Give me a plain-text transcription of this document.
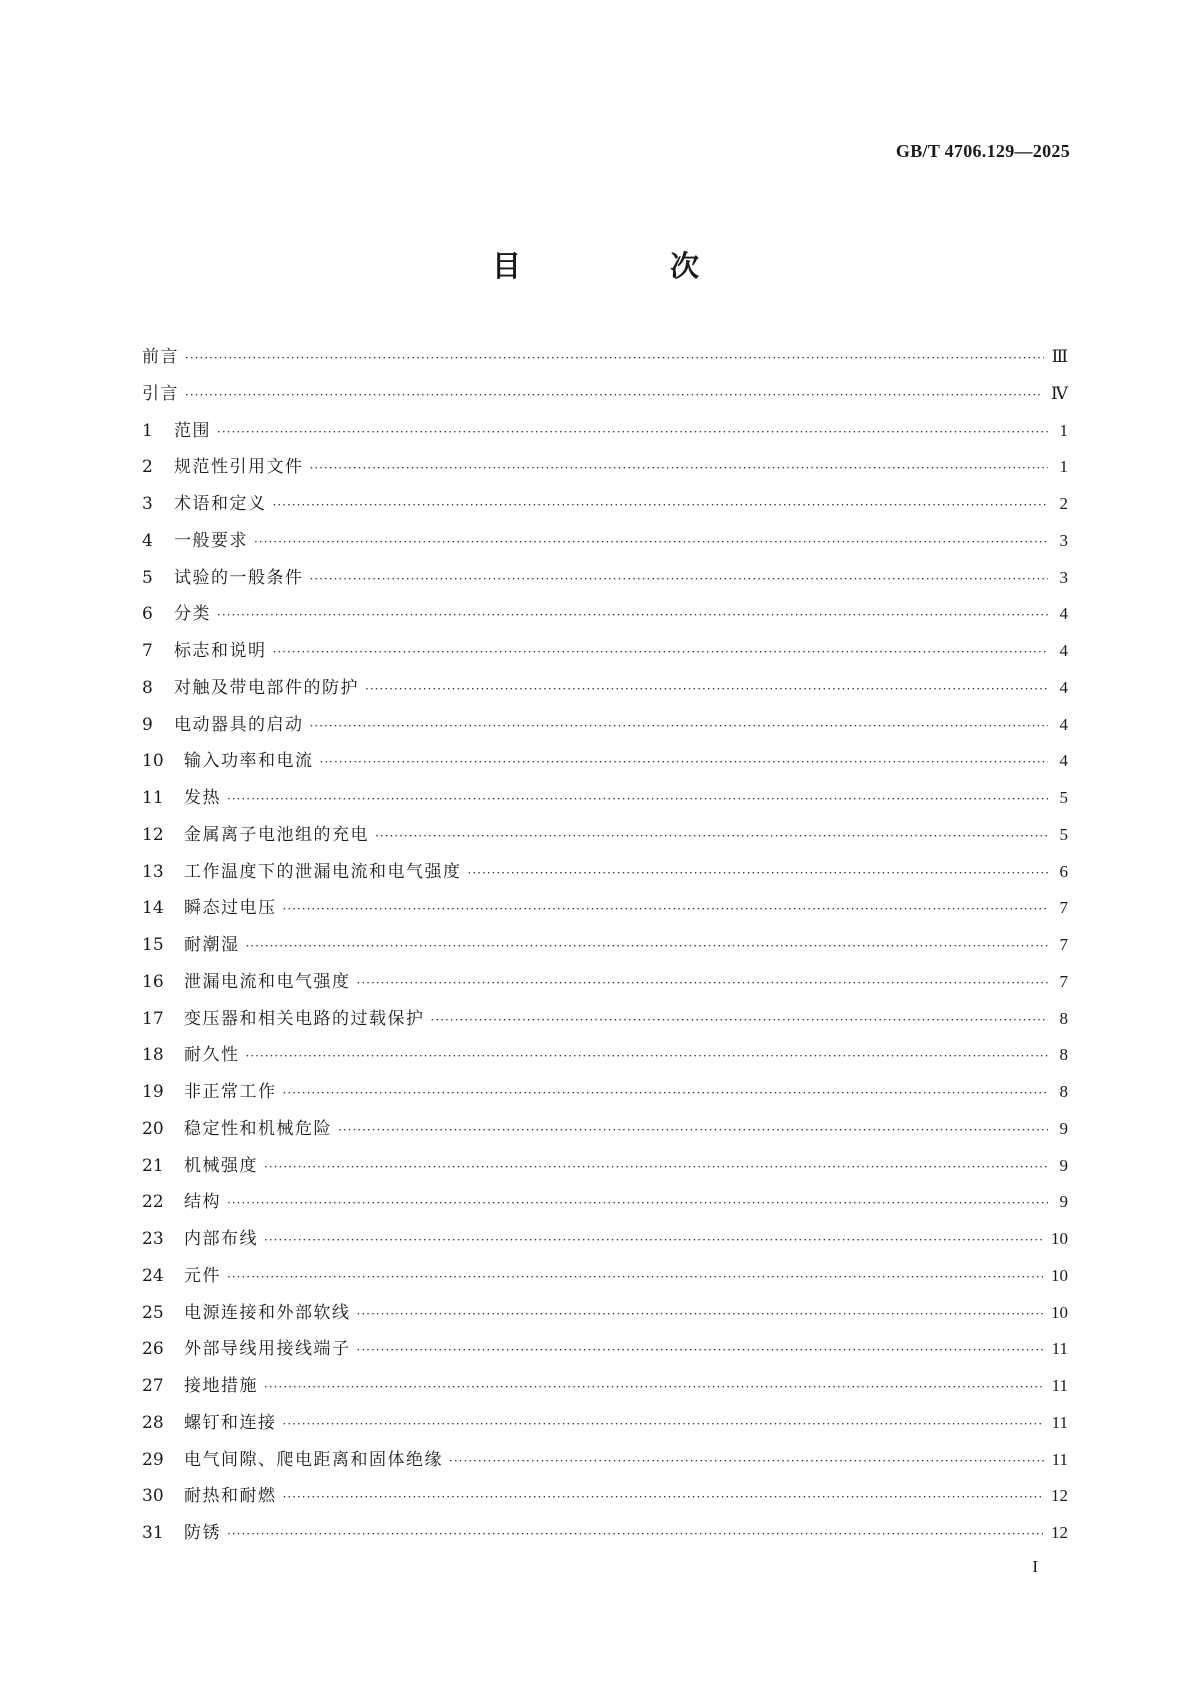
GB/T 4706.129—2025
目　次
前言 ·····	Ⅲ
引言 ·····	Ⅳ
1	范围 ·····	1
2	规范性引用文件 ·····	1
3	术语和定义 ·····	2
4	一般要求 ·····	3
5	试验的一般条件 ·····	3
6	分类 ·····	4
7	标志和说明 ·····	4
8	对触及带电部件的防护 ·····	4
9	电动器具的启动 ·····	4
10	输入功率和电流 ·····	4
11	发热 ·····	5
12	金属离子电池组的充电 ·····	5
13	工作温度下的泄漏电流和电气强度 ·····	6
14	瞬态过电压 ·····	7
15	耐潮湿 ·····	7
16	泄漏电流和电气强度 ·····	7
17	变压器和相关电路的过载保护 ·····	8
18	耐久性 ·····	8
19	非正常工作 ·····	8
20	稳定性和机械危险 ·····	9
21	机械强度 ·····	9
22	结构 ·····	9
23	内部布线 ·····	10
24	元件 ·····	10
25	电源连接和外部软线 ·····	10
26	外部导线用接线端子 ·····	11
27	接地措施 ·····	11
28	螺钉和连接 ·····	11
29	电气间隙、爬电距离和固体绝缘 ·····	11
30	耐热和耐燃 ·····	12
31	防锈 ·····	12
I
